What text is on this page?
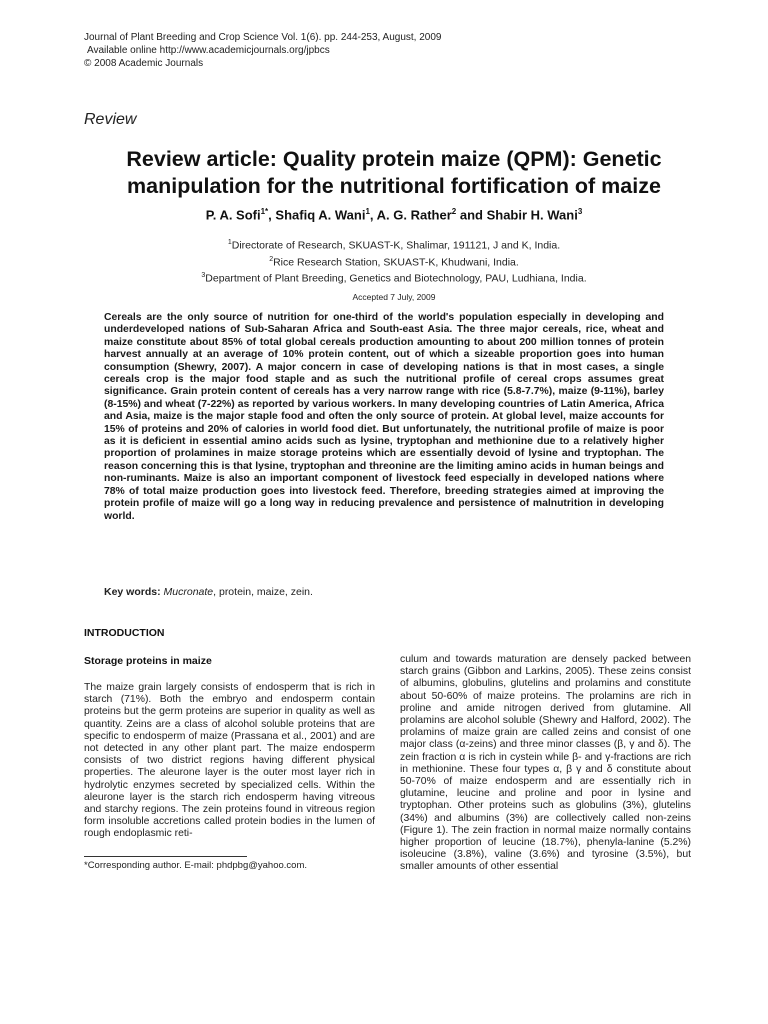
Journal of Plant Breeding and Crop Science Vol. 1(6). pp. 244-253, August, 2009
Available online http://www.academicjournals.org/jpbcs
© 2008 Academic Journals
Review
Review article: Quality protein maize (QPM): Genetic manipulation for the nutritional fortification of maize
P. A. Sofi$^{1*}$, Shafiq A. Wani$^1$, A. G. Rather$^2$ and Shabir H. Wani$^3$
$^1$Directorate of Research, SKUAST-K, Shalimar, 191121, J and K, India.
$^2$Rice Research Station, SKUAST-K, Khudwani, India.
$^3$Department of Plant Breeding, Genetics and Biotechnology, PAU, Ludhiana, India.
Accepted 7 July, 2009

Cereals are the only source of nutrition for one-third of the world's population especially in developing and underdeveloped nations of Sub-Saharan Africa and South-east Asia. The three major cereals, rice, wheat and maize constitute about 85% of total global cereals production amounting to about 200 million tonnes of protein harvest annually at an average of 10% protein content, out of which a sizeable proportion goes into human consumption (Shewry, 2007). A major concern in case of developing nations is that in most cases, a single cereals crop is the major food staple and as such the nutritional profile of cereal crops assumes great significance. Grain protein content of cereals has a very narrow range with rice (5.8-7.7%), maize (9-11%), barley (8-15%) and wheat (7-22%) as reported by various workers. In many developing countries of Latin America, Africa and Asia, maize is the major staple food and often the only source of protein. At global level, maize accounts for 15% of proteins and 20% of calories in world food diet. But unfortunately, the nutritional profile of maize is poor as it is deficient in essential amino acids such as lysine, tryptophan and methionine due to a relatively higher proportion of prolamines in maize storage proteins which are essentially devoid of lysine and tryptophan. The reason concerning this is that lysine, tryptophan and threonine are the limiting amino acids in human beings and non-ruminants. Maize is also an important component of livestock feed especially in developed nations where 78% of total maize production goes into livestock feed. Therefore, breeding strategies aimed at improving the protein profile of maize will go a long way in reducing prevalence and persistence of malnutrition in developing world.

Key words: Mucronate, protein, maize, zein.
INTRODUCTION
Storage proteins in maize

The maize grain largely consists of endosperm that is rich in starch (71%). Both the embryo and endosperm contain proteins but the germ proteins are superior in quality as well as quantity. Zeins are a class of alcohol soluble proteins that are specific to endosperm of maize (Prassana et al., 2001) and are not detected in any other plant part. The maize endosperm consists of two district regions having different physical properties. The aleurone layer is the outer most layer rich in hydrolytic enzymes secreted by specialized cells. Within the aleurone layer is the starch rich endosperm having vitreous and starchy regions. The zein proteins found in vitreous region form insoluble accretions called protein bodies in the lumen of rough endoplasmic reti-

culum and towards maturation are densely packed between starch grains (Gibbon and Larkins, 2005). These zeins consist of albumins, globulins, glutelins and prolamins and constitute about 50-60% of maize proteins. The prolamins are rich in proline and amide nitrogen derived from glutamine. All prolamins are alcohol soluble (Shewry and Halford, 2002). The prolamins of maize grain are called zeins and consist of one major class (α-zeins) and three minor classes (β, γ and δ). The zein fraction α is rich in cystein while β- and γ-fractions are rich in methionine. These four types α, β γ and δ constitute about 50-70% of maize endosperm and are essentially rich in glutamine, leucine and proline and poor in lysine and tryptophan. Other proteins such as globulins (3%), glutelins (34%) and albumins (3%) are collectively called non-zeins (Figure 1). The zein fraction in normal maize normally contains higher proportion of leucine (18.7%), phenyla-lanine (5.2%) isoleucine (3.8%), valine (3.6%) and tyrosine (3.5%), but smaller amounts of other essential

*Corresponding author. E-mail: phdpbg@yahoo.com.
